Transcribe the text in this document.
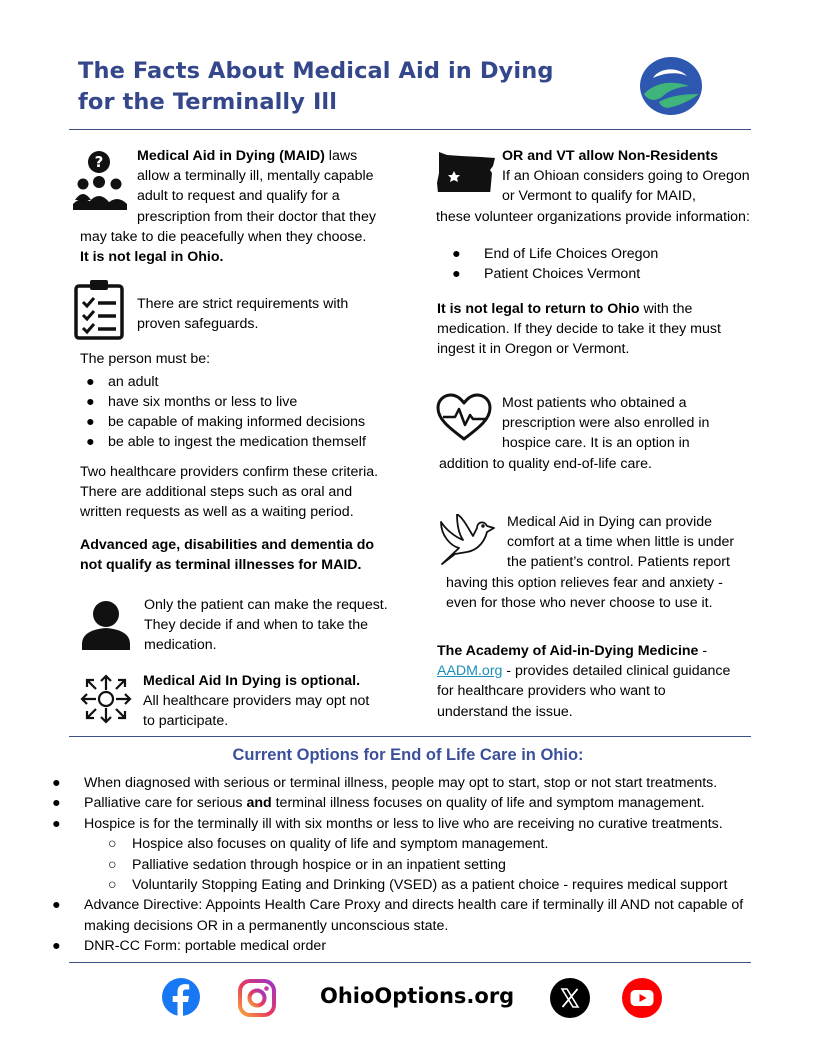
The Facts About Medical Aid in Dying
for the Terminally Ill
? Medical Aid in Dying (MAID) laws
allow a terminally ill, mentally capable
adult to request and qualify for a
prescription from their doctor that they
may take to die peacefully when they choose.
It is not legal in Ohio.
There are strict requirements with
proven safeguards.
The person must be:
● an adult
● have six months or less to live
● be capable of making informed decisions
● be able to ingest the medication themself
Two healthcare providers confirm these criteria.
There are additional steps such as oral and
written requests as well as a waiting period.
Advanced age, disabilities and dementia do
not qualify as terminal illnesses for MAID.
Only the patient can make the request.
They decide if and when to take the
medication.
Medical Aid In Dying is optional.
All healthcare providers may opt not
to participate.
OR and VT allow Non-Residents
If an Ohioan considers going to Oregon
or Vermont to qualify for MAID,
these volunteer organizations provide information:
● End of Life Choices Oregon
● Patient Choices Vermont
It is not legal to return to Ohio with the
medication. If they decide to take it they must
ingest it in Oregon or Vermont.
Most patients who obtained a
prescription were also enrolled in
hospice care. It is an option in
addition to quality end-of-life care.
Medical Aid in Dying can provide
comfort at a time when little is under
the patient’s control. Patients report
having this option relieves fear and anxiety -
even for those who never choose to use it.
The Academy of Aid-in-Dying Medicine -
AADM.org - provides detailed clinical guidance
for healthcare providers who want to
understand the issue.
Current Options for End of Life Care in Ohio:
● When diagnosed with serious or terminal illness, people may opt to start, stop or not start treatments.
● Palliative care for serious and terminal illness focuses on quality of life and symptom management.
● Hospice is for the terminally ill with six months or less to live who are receiving no curative treatments.
○ Hospice also focuses on quality of life and symptom management.
○ Palliative sedation through hospice or in an inpatient setting
○ Voluntarily Stopping Eating and Drinking (VSED) as a patient choice - requires medical support
● Advance Directive: Appoints Health Care Proxy and directs health care if terminally ill AND not capable of
making decisions OR in a permanently unconscious state.
● DNR-CC Form: portable medical order
OhioOptions.org
